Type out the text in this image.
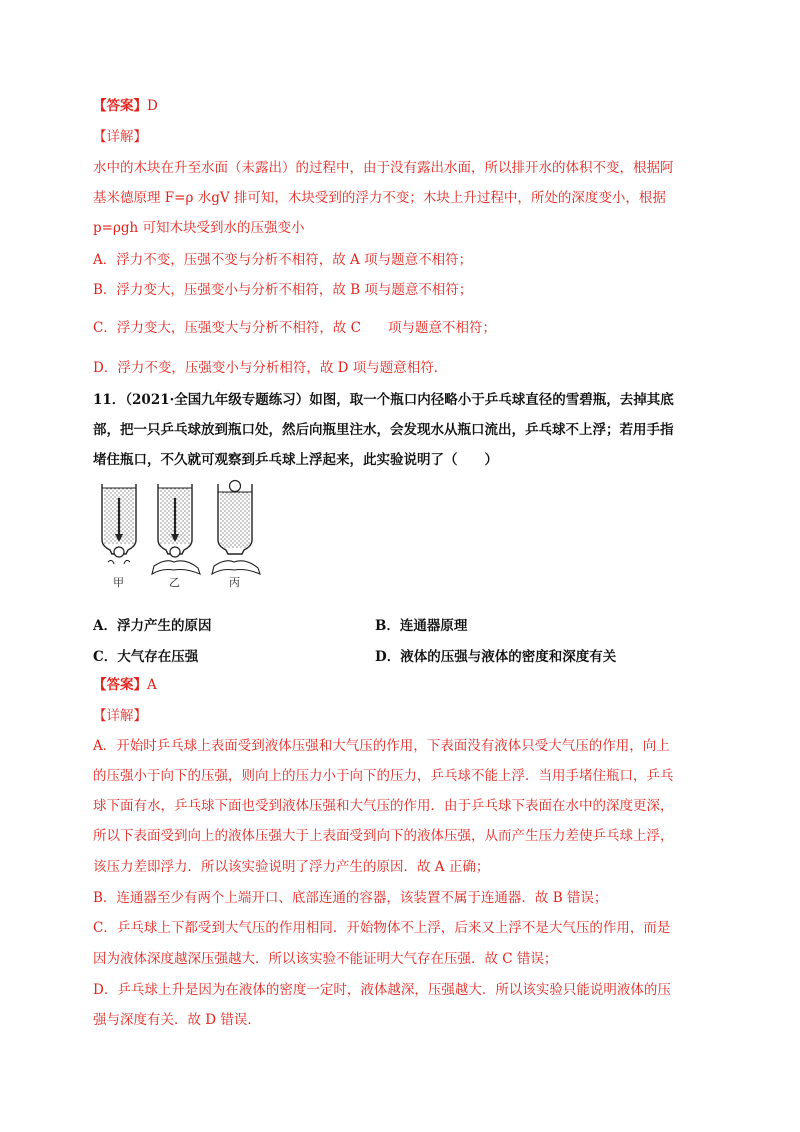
【答案】D
【详解】
水中的木块在升至水面（未露出）的过程中，由于没有露出水面，所以排开水的体积不变，根据阿
基米德原理 F=ρ 水gV 排可知，木块受到的浮力不变；木块上升过程中，所处的深度变小，根据
p=ρgh 可知木块受到水的压强变小
A．浮力不变，压强不变与分析不相符，故 A 项与题意不相符；
B．浮力变大，压强变小与分析不相符，故 B 项与题意不相符；
C．浮力变大，压强变大与分析不相符，故 C　　项与题意不相符；
D．浮力不变，压强变小与分析相符，故 D 项与题意相符．
11．（2021·全国九年级专题练习）如图，取一个瓶口内径略小于乒乓球直径的雪碧瓶，去掉其底
部，把一只乒乓球放到瓶口处，然后向瓶里注水，会发现水从瓶口流出，乒乓球不上浮；若用手指
堵住瓶口，不久就可观察到乒乓球上浮起来，此实验说明了（　　）
甲	乙	丙
A．浮力产生的原因	B．连通器原理
C．大气存在压强	D．液体的压强与液体的密度和深度有关
【答案】A
【详解】
A．开始时乒乓球上表面受到液体压强和大气压的作用，下表面没有液体只受大气压的作用，向上
的压强小于向下的压强，则向上的压力小于向下的压力，乒乓球不能上浮．当用手堵住瓶口，乒乓
球下面有水，乒乓球下面也受到液体压强和大气压的作用．由于乒乓球下表面在水中的深度更深，
所以下表面受到向上的液体压强大于上表面受到向下的液体压强，从而产生压力差使乒乓球上浮，
该压力差即浮力．所以该实验说明了浮力产生的原因．故 A 正确；
B．连通器至少有两个上端开口、底部连通的容器，该装置不属于连通器．故 B 错误；
C．乒乓球上下都受到大气压的作用相同．开始物体不上浮，后来又上浮不是大气压的作用，而是
因为液体深度越深压强越大．所以该实验不能证明大气存在压强．故 C 错误；
D．乒乓球上升是因为在液体的密度一定时，液体越深，压强越大．所以该实验只能说明液体的压
强与深度有关．故 D 错误．
